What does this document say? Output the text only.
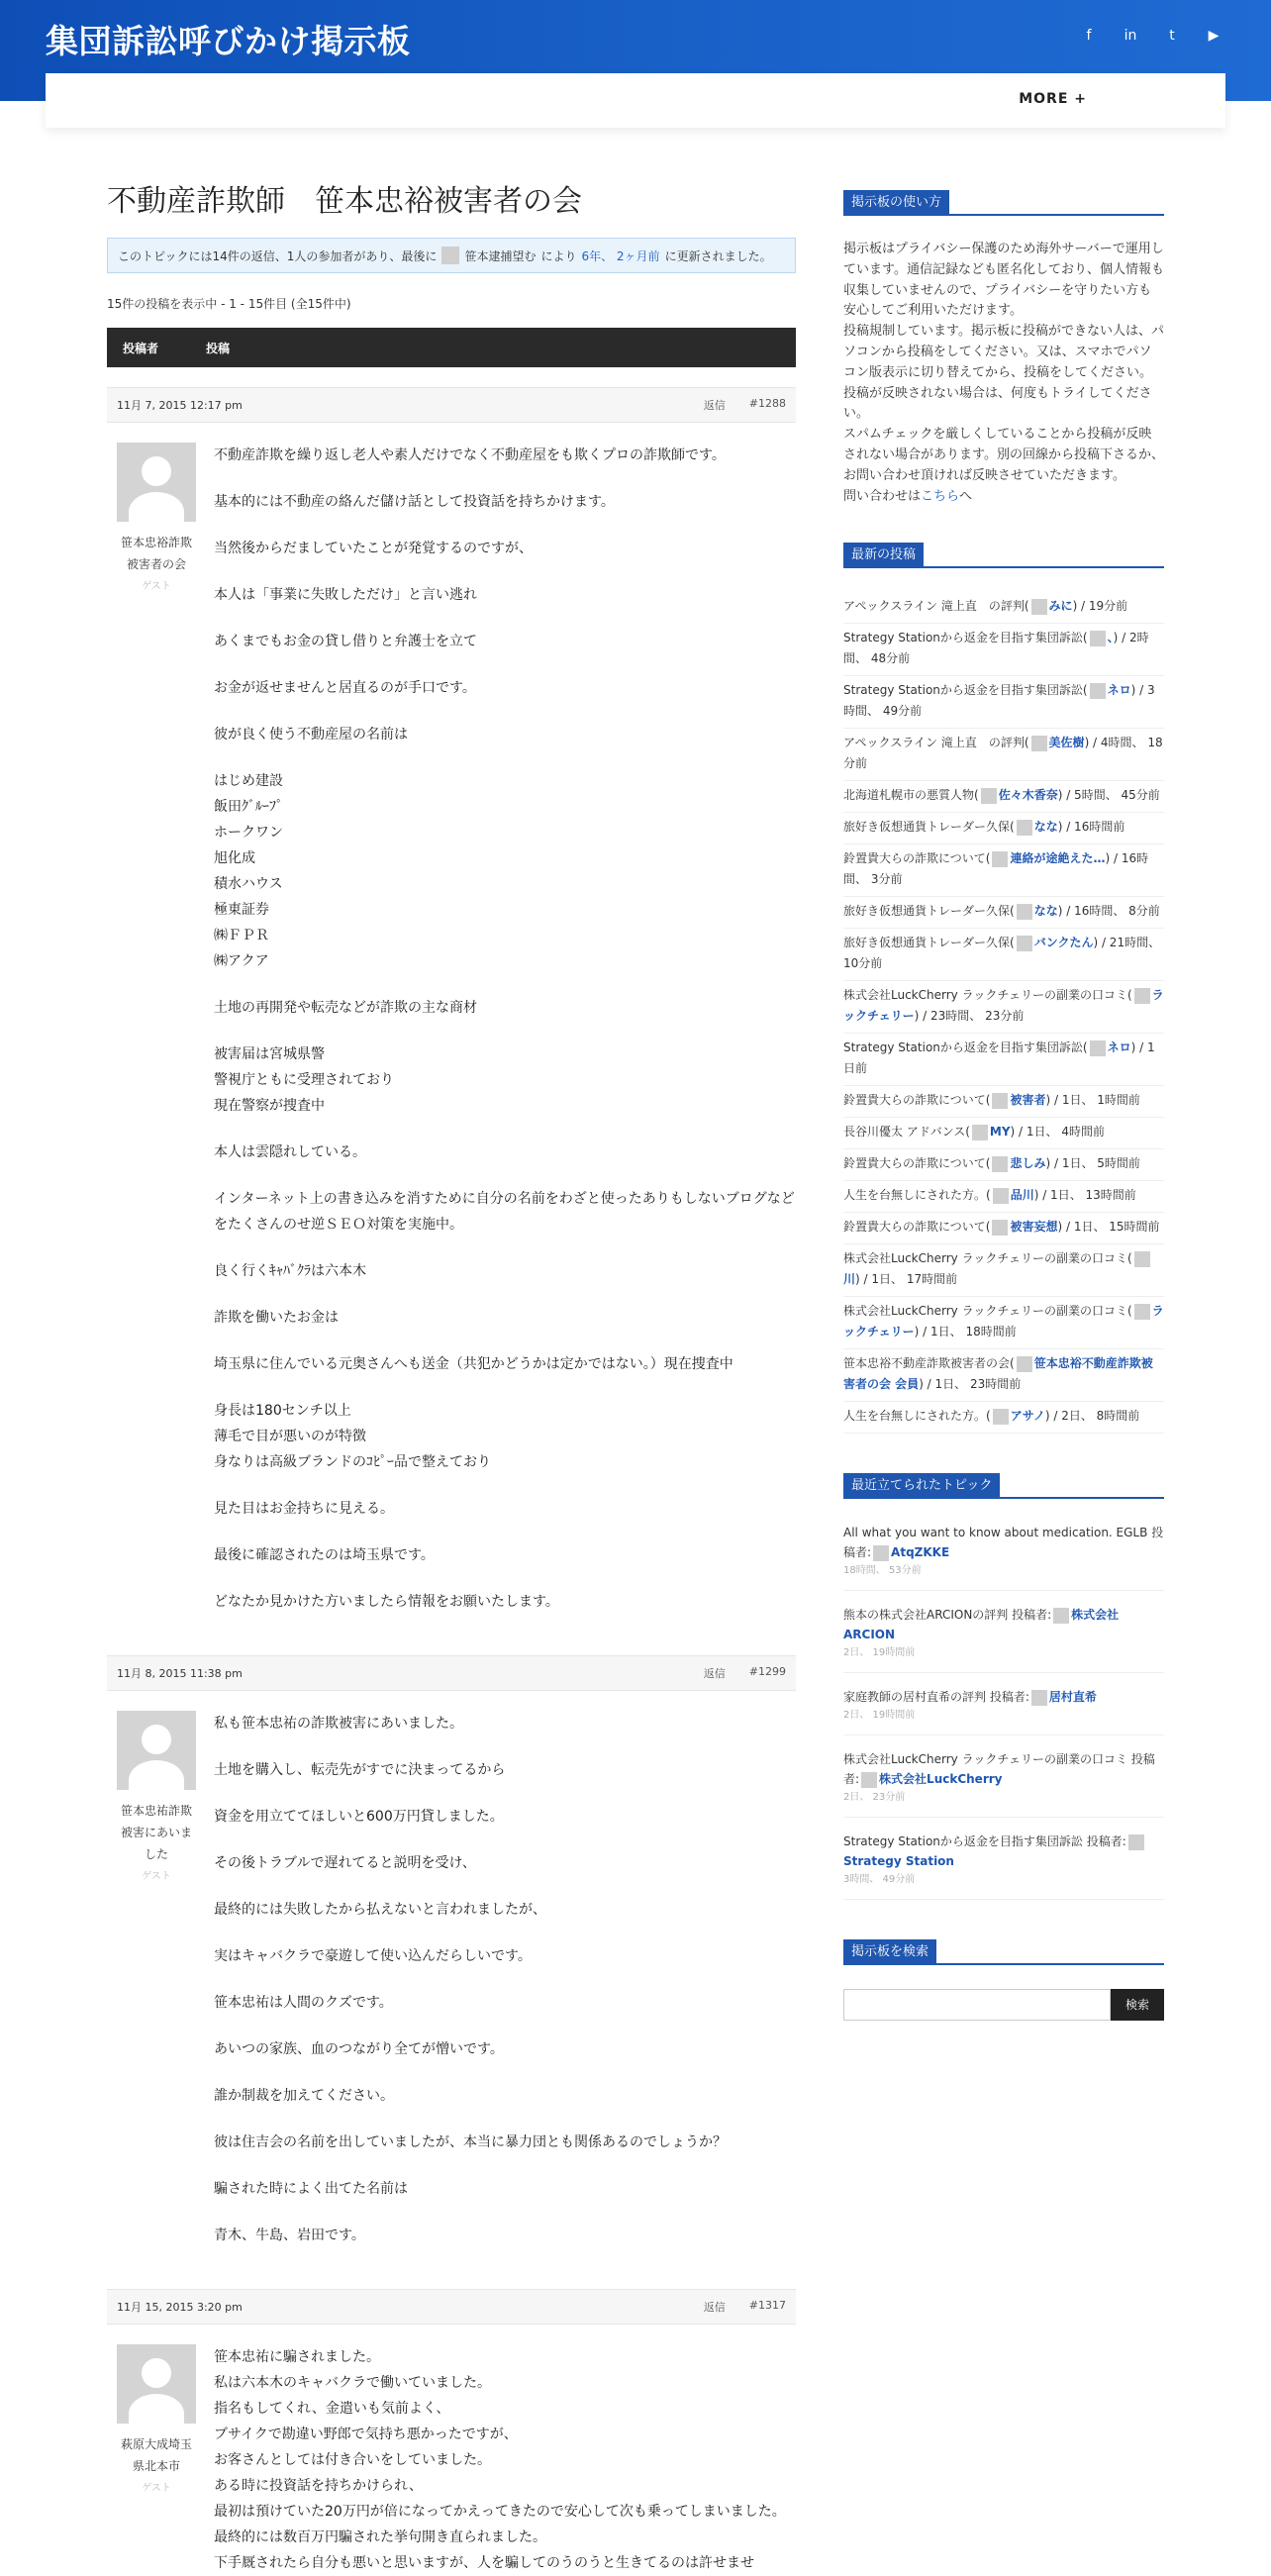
集団訴訟呼びかけ掲示板	f	in	t	▶
MORE +
不動産詐欺師　笹本忠裕被害者の会
このトピックには14件の返信、1人の参加者があり、最後に 笹本逮捕望む により 6年、 2ヶ月前 に更新されました。
15件の投稿を表示中 - 1 - 15件目 (全15件中)
投稿者	投稿
11月 7, 2015 12:17 pm	返信 #1288
笹本忠裕詐欺被害者の会
ゲスト

不動産詐欺を繰り返し老人や素人だけでなく不動産屋をも欺くプロの詐欺師です。

基本的には不動産の絡んだ儲け話として投資話を持ちかけます。

当然後からだましていたことが発覚するのですが、

本人は「事業に失敗しただけ」と言い逃れ

あくまでもお金の貸し借りと弁護士を立て

お金が返せませんと居直るのが手口です。

彼が良く使う不動産屋の名前は

はじめ建設
飯田ｸﾞﾙｰﾌﾟ
ホークワン
旭化成
積水ハウス
極東証券
㈱ＦＰＲ
㈱アクア

土地の再開発や転売などが詐欺の主な商材

被害届は宮城県警
警視庁ともに受理されており
現在警察が捜査中

本人は雲隠れしている。

インターネット上の書き込みを消すために自分の名前をわざと使ったありもしないブログなどをたくさんのせ逆ＳＥＯ対策を実施中。

良く行くｷｬﾊﾞｸﾗは六本木

詐欺を働いたお金は

埼玉県に住んでいる元奥さんへも送金（共犯かどうかは定かではない。）現在捜査中

身長は180センチ以上
薄毛で目が悪いのが特徴
身なりは高級ブランドのｺﾋﾟｰ品で整えており

見た目はお金持ちに見える。

最後に確認されたのは埼玉県です。

どなたか見かけた方いましたら情報をお願いたします。

11月 8, 2015 11:38 pm	返信 #1299
笹本忠祐詐欺被害にあいました
ゲスト

私も笹本忠祐の詐欺被害にあいました。

土地を購入し、転売先がすでに決まってるから

資金を用立ててほしいと600万円貸しました。

その後トラブルで遅れてると説明を受け、

最終的には失敗したから払えないと言われましたが、

実はキャバクラで豪遊して使い込んだらしいです。

笹本忠祐は人間のクズです。

あいつの家族、血のつながり全てが憎いです。

誰か制裁を加えてください。

彼は住吉会の名前を出していましたが、本当に暴力団とも関係あるのでしょうか？

騙された時によく出てた名前は

青木、牛島、岩田です。

11月 15, 2015 3:20 pm	返信 #1317
萩原大成埼玉県北本市
ゲスト

笹本忠祐に騙されました。

私は六本木のキャバクラで働いていました。

指名もしてくれ、金遣いも気前よく、

ブサイクで勘違い野郎で気持ち悪かったですが、

お客さんとしては付き合いをしていました。

ある時に投資話を持ちかけられ、

最初は預けていた20万円が倍になってかえってきたので安心して次も乗ってしまいました。

最終的には数百万円騙された挙句開き直られました。

下手厩されたら自分も悪いと思いますが、人を騙してのうのうと生きてるのは許せませ

掲示板の使い方
掲示板はプライバシー保護のため海外サーバーで運用しています。通信記録なども匿名化しており、個人情報も収集していませんので、プライバシーを守りたい方も安心してご利用いただけます。
投稿規制しています。掲示板に投稿ができない人は、パソコンから投稿をしてください。又は、スマホでパソコン版表示に切り替えてから、投稿をしてください。
投稿が反映されない場合は、何度もトライしてください。
スパムチェックを厳しくしていることから投稿が反映されない場合があります。別の回線から投稿下さるか、お問い合わせ頂ければ反映させていただきます。
問い合わせはこちらへ
最新の投稿
アペックスライン 滝上直　の評判( みに) / 19分前
Strategy Stationから返金を目指す集団訴訟( 、) / 2時間、 48分前
Strategy Stationから返金を目指す集団訴訟( ネロ) / 3時間、 49分前
アペックスライン 滝上直　の評判( 美佐樹) / 4時間、 18分前
北海道札幌市の悪質人物( 佐々木香奈) / 5時間、 45分前
旅好き仮想通貨トレーダー久保( なな) / 16時間前
鈴置貴大らの詐欺について( 連絡が途絶えた…) / 16時間、 3分前
旅好き仮想通貨トレーダー久保( なな) / 16時間、 8分前
旅好き仮想通貨トレーダー久保( バンクたん) / 21時間、 10分前
株式会社LuckCherry ラックチェリーの副業の口コミ( ラックチェリー) / 23時間、 23分前
Strategy Stationから返金を目指す集団訴訟( ネロ) / 1日前
鈴置貴大らの詐欺について( 被害者) / 1日、 1時間前
長谷川優太 アドバンス( MY) / 1日、 4時間前
鈴置貴大らの詐欺について( 悲しみ) / 1日、 5時間前
人生を台無しにされた方。( 品川) / 1日、 13時間前
鈴置貴大らの詐欺について( 被害妄想) / 1日、 15時間前
株式会社LuckCherry ラックチェリーの副業の口コミ(川) / 1日、 17時間前
株式会社LuckCherry ラックチェリーの副業の口コミ( ラックチェリー) / 1日、 18時間前
笹本忠裕不動産詐欺被害者の会( 笹本忠裕不動産詐欺被害者の会 会員) / 1日、 23時間前
人生を台無しにされた方。( アサノ) / 2日、 8時間前
最近立てられたトピック
All what you want to know about medication. EGLB 投稿者: AtqZKKE
18時間、 53分前
熊本の株式会社ARCIONの評判 投稿者: 株式会社ARCION
2日、 19時間前
家庭教師の居村直希の評判 投稿者: 居村直希
2日、 19時間前
株式会社LuckCherry ラックチェリーの副業の口コミ 投稿者: 株式会社LuckCherry
2日、 23分前
Strategy Stationから返金を目指す集団訴訟 投稿者:Strategy Station
3時間、 49分前
掲示板を検索
検索
